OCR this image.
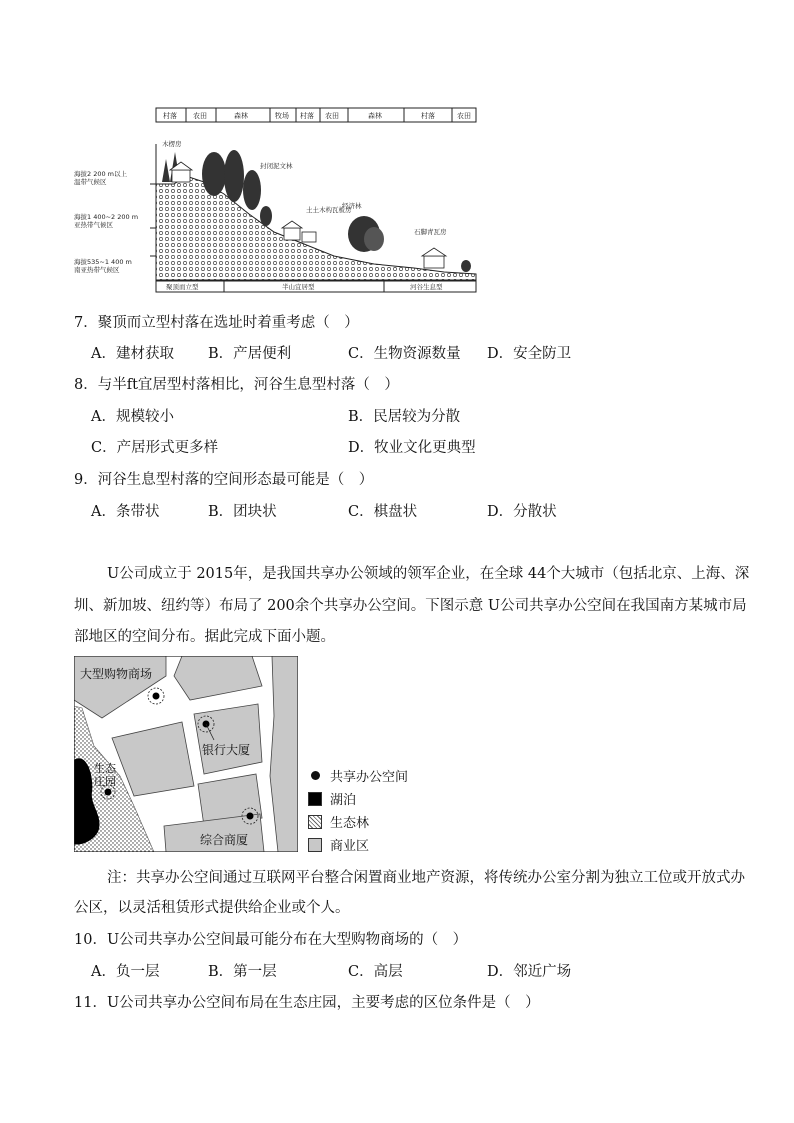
村落 农田	森林	牧场 村落 农田	森林	村落	农田
海拔2 200 m以上温带气候区
海拔1 400~2 200 m 亚热带气候区
海拔535~1 400 m 南亚热带气候区
木楞房
封闭泥文林
土土木构瓦板房
经济林
石脚青瓦房
聚顶而立型	半山宜居型	河谷生息型
7．聚顶而立型村落在选址时着重考虑（　）
A．建材获取 B．产居便利	C．生物资源数量 D．安全防卫
8．与半ft宜居型村落相比，河谷生息型村落（　）
A．规模较小	B．民居较为分散
C．产居形式更多样	D．牧业文化更典型
9．河谷生息型村落的空间形态最可能是（　）
A．条带状	B．团块状	C．棋盘状	D．分散状
U公司成立于 2015年，是我国共享办公领域的领军企业，在全球 44个大城市（包括北京、上海、深
圳、新加坡、纽约等）布局了 200余个共享办公空间。下图示意 U公司共享办公空间在我国南方某城市局
部地区的空间分布。据此完成下面小题。
大型购物商场
银行大厦
生态庄园
综合商厦
共享办公空间
湖泊
生态林
商业区
注：共享办公空间通过互联网平台整合闲置商业地产资源，将传统办公室分割为独立工位或开放式办
公区，以灵活租赁形式提供给企业或个人。
10．U公司共享办公空间最可能分布在大型购物商场的（　）
A．负一层	B．第一层	C．高层	D．邻近广场
11．U公司共享办公空间布局在生态庄园，主要考虑的区位条件是（　）
